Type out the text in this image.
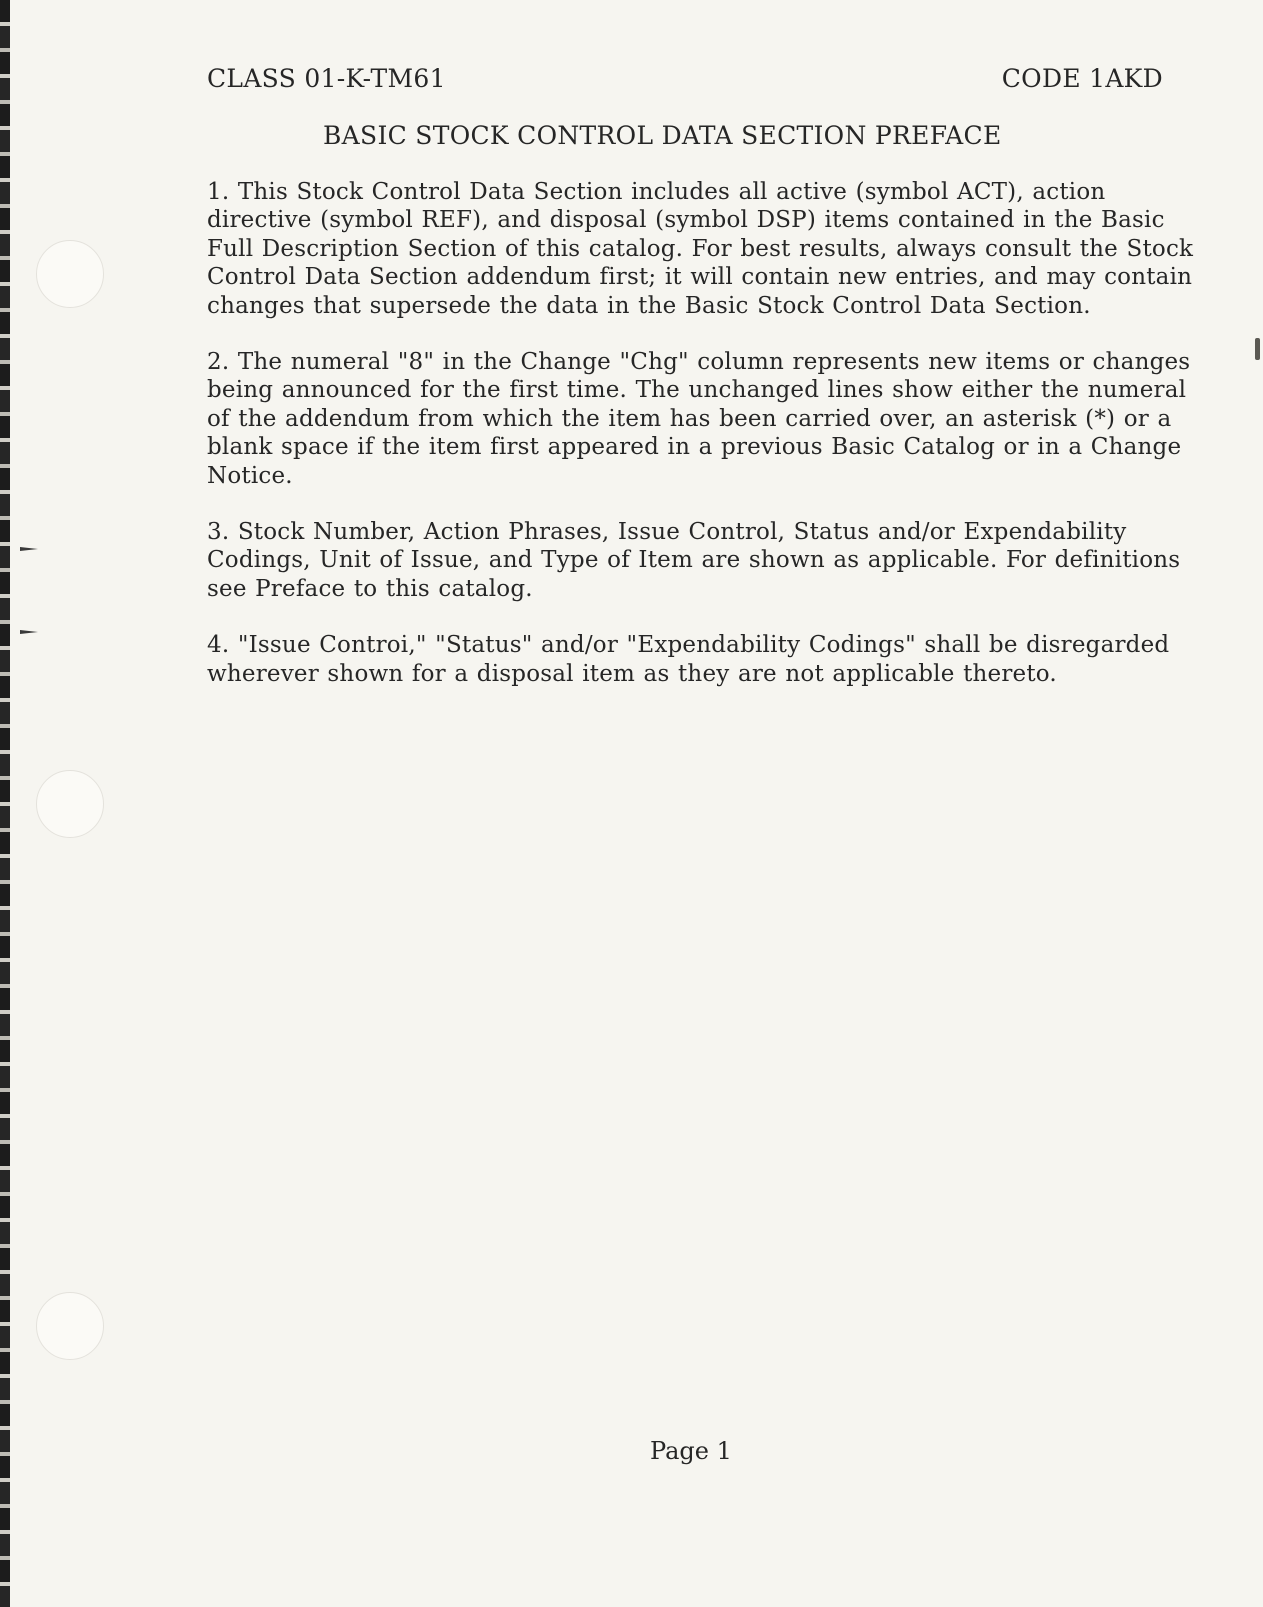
CLASS 01-K-TM61	CODE 1AKD
BASIC STOCK CONTROL DATA SECTION PREFACE

1. This Stock Control Data Section includes all active (symbol ACT), action directive (symbol REF), and disposal (symbol DSP) items contained in the Basic Full Description Section of this catalog. For best results, always consult the Stock Control Data Section addendum first; it will contain new entries, and may contain changes that supersede the data in the Basic Stock Control Data Section.

2. The numeral "8" in the Change "Chg" column represents new items or changes being announced for the first time. The unchanged lines show either the numeral of the addendum from which the item has been carried over, an asterisk (*) or a blank space if the item first appeared in a previous Basic Catalog or in a Change Notice.

3. Stock Number, Action Phrases, Issue Control, Status and/or Expendability Codings, Unit of Issue, and Type of Item are shown as applicable. For definitions see Preface to this catalog.

4. "Issue Controi," "Status" and/or "Expendability Codings" shall be disregarded wherever shown for a disposal item as they are not applicable thereto.

Page 1
